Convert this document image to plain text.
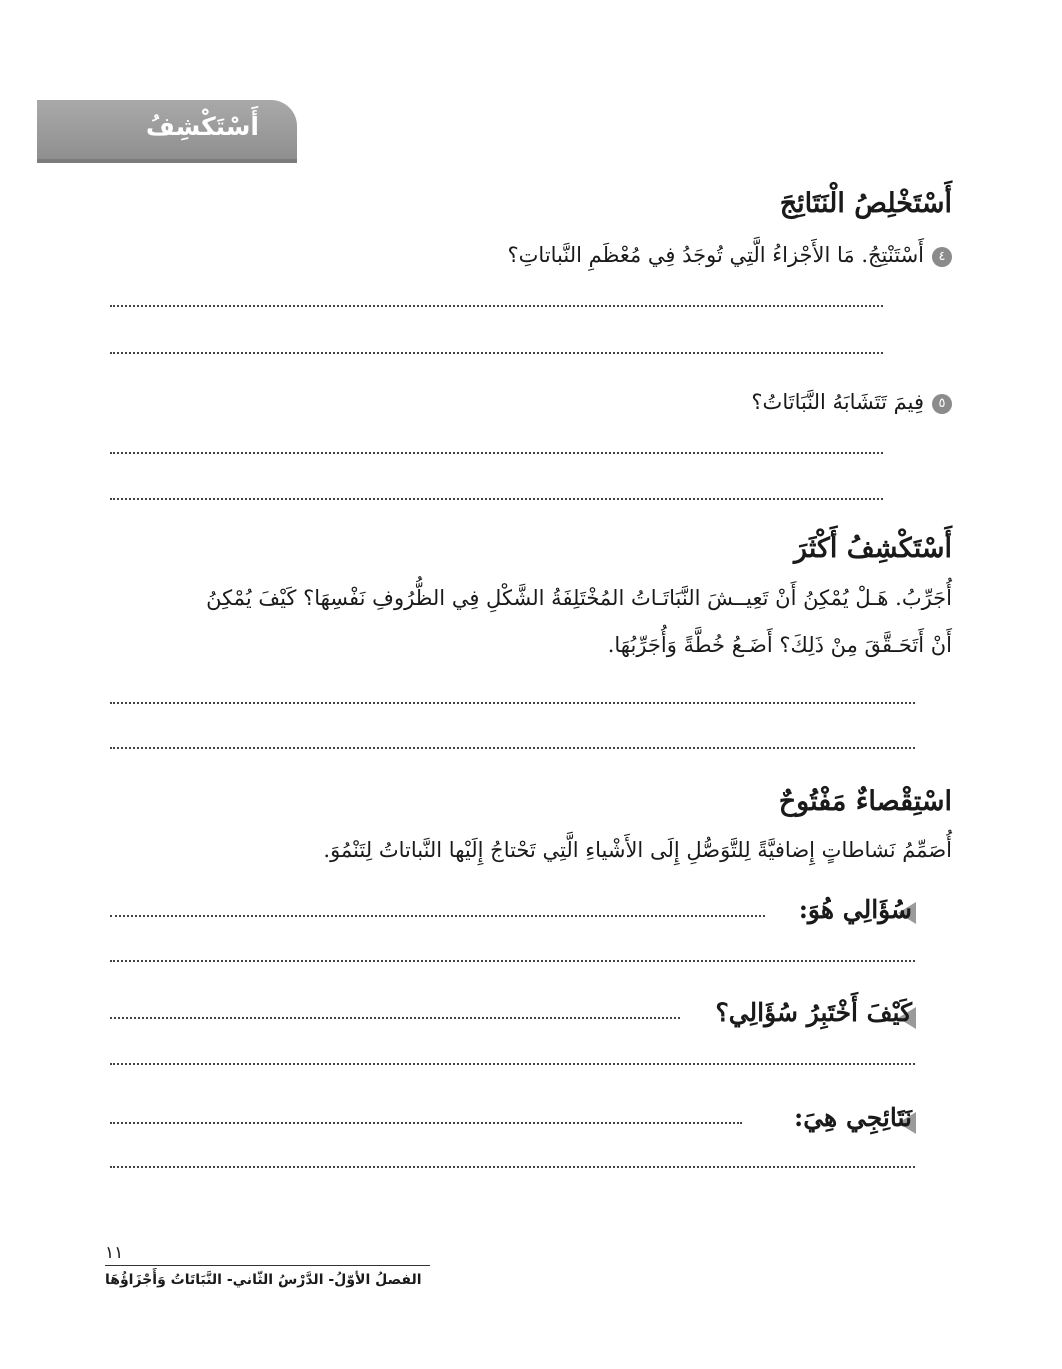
أَسْتَكْشِفُ
أَسْتَخْلِصُ الْنَتَائِجَ
٤أَسْتَنْتِجُ. مَا الأَجْزاءُ الَّتِي تُوجَدُ فِي مُعْظَمِ النَّباتاتِ؟
٥فِيمَ تَتَشَابَهُ النَّبَاتَاتُ؟
أَسْتَكْشِفُ أَكْثَرَ
أُجَرِّبُ. هَـلْ يُمْكِنُ أَنْ تَعِيــشَ النَّبَاتَـاتُ المُخْتَلِفَةُ الشَّكْلِ فِي الظُّرُوفِ نَفْسِهَا؟ كَيْفَ يُمْكِنُ
أَنْ أَتَحَـقَّقَ مِنْ ذَلِكَ؟ أَضَـعُ خُطَّةً وَأُجَرِّبُهَا.
اسْتِقْصاءٌ مَفْتُوحٌ
أُصَمِّمُ نَشاطاتٍ إِضافيَّةً لِلتَّوَصُّلِ إِلَى الأَشْياءِ الَّتِي تَحْتاجُ إِلَيْها النَّباتاتُ لِتَنْمُوَ.
سُؤَالِي هُوَ:
كَيْفَ أَخْتَبِرُ سُؤَالِي؟
نَتَائِجِي هِيَ:
١١
الفصلُ الأوّلُ- الدَّرْسُ الثّاني- النَّبَاتَاتُ وَأَجْزَاؤُهَا
